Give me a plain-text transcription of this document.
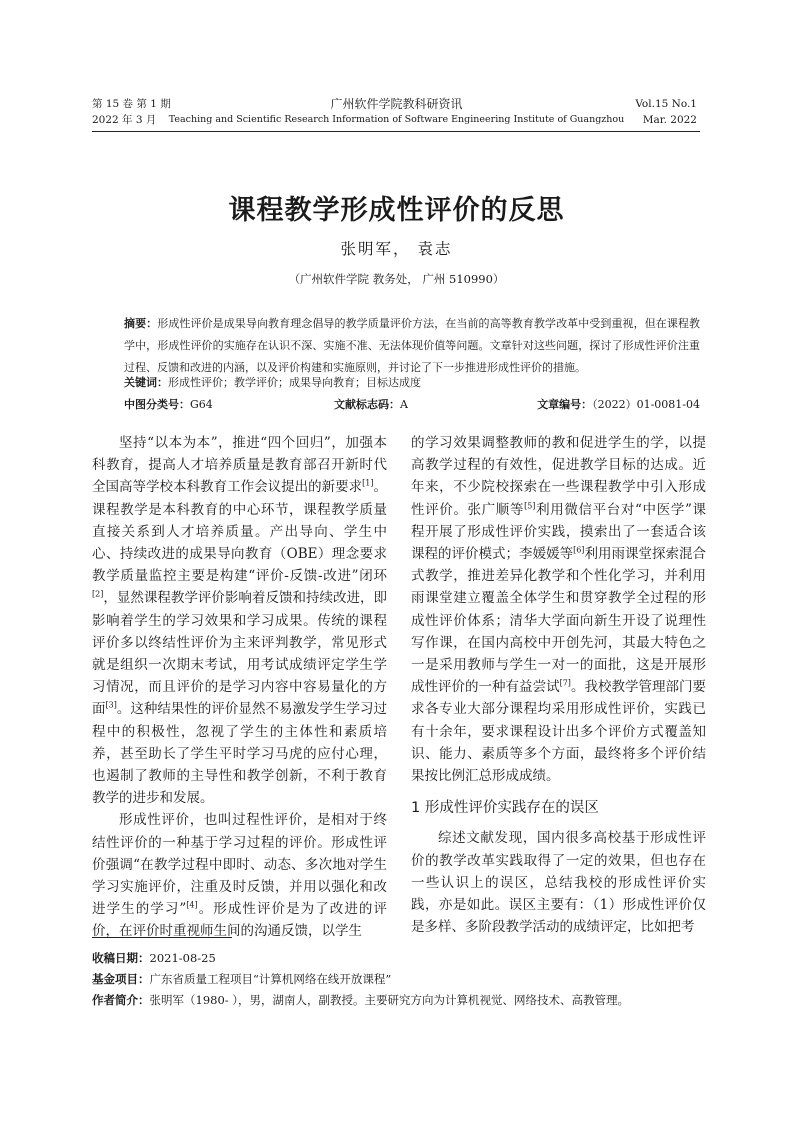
第 15 卷 第 1 期
2022 年 3 月
广州软件学院教科研资讯
Teaching and Scientific Research Information of Software Engineering Institute of Guangzhou
Vol.15 No.1
Mar. 2022
课程教学形成性评价的反思
张明军， 袁志
（广州软件学院 教务处， 广州 510990）
摘要：形成性评价是成果导向教育理念倡导的教学质量评价方法，在当前的高等教育教学改革中受到重视，但在课程教学中，形成性评价的实施存在认识不深、实施不准、无法体现价值等问题。文章针对这些问题，探讨了形成性评价注重过程、反馈和改进的内涵，以及评价构建和实施原则，并讨论了下一步推进形成性评价的措施。
关键词：形成性评价；教学评价；成果导向教育；目标达成度
中图分类号：G64	文献标志码：A	文章编号：（2022）01-0081-04

坚持“以本为本”，推进“四个回归”，加强本科教育，提高人才培养质量是教育部召开新时代全国高等学校本科教育工作会议提出的新要求[1]。课程教学是本科教育的中心环节，课程教学质量直接关系到人才培养质量。产出导向、学生中心、持续改进的成果导向教育（OBE）理念要求教学质量监控主要是构建“评价-反馈-改进”闭环[2]，显然课程教学评价影响着反馈和持续改进，即影响着学生的学习效果和学习成果。传统的课程评价多以终结性评价为主来评判教学，常见形式就是组织一次期末考试，用考试成绩评定学生学习情况，而且评价的是学习内容中容易量化的方面[3]。这种结果性的评价显然不易激发学生学习过程中的积极性，忽视了学生的主体性和素质培养，甚至助长了学生平时学习马虎的应付心理，也遏制了教师的主导性和教学创新，不利于教育教学的进步和发展。

形成性评价，也叫过程性评价，是相对于终结性评价的一种基于学习过程的评价。形成性评价强调“在教学过程中即时、动态、多次地对学生学习实施评价，注重及时反馈，并用以强化和改进学生的学习”[4]。形成性评价是为了改进的评价，在评价时重视师生间的沟通反馈，以学生

的学习效果调整教师的教和促进学生的学，以提高教学过程的有效性，促进教学目标的达成。近年来，不少院校探索在一些课程教学中引入形成性评价。张广顺等[5]利用微信平台对“中医学”课程开展了形成性评价实践，摸索出了一套适合该课程的评价模式；李媛媛等[6]利用雨课堂探索混合式教学，推进差异化教学和个性化学习，并利用雨课堂建立覆盖全体学生和贯穿教学全过程的形成性评价体系；清华大学面向新生开设了说理性写作课，在国内高校中开创先河，其最大特色之一是采用教师与学生一对一的面批，这是开展形成性评价的一种有益尝试[7]。我校教学管理部门要求各专业大部分课程均采用形成性评价，实践已有十余年，要求课程设计出多个评价方式覆盖知识、能力、素质等多个方面，最终将多个评价结果按比例汇总形成成绩。

1 形成性评价实践存在的误区

综述文献发现，国内很多高校基于形成性评价的教学改革实践取得了一定的效果，但也存在一些认识上的误区，总结我校的形成性评价实践，亦是如此。误区主要有：（1）形成性评价仅是多样、多阶段教学活动的成绩评定，比如把考

收稿日期：2021-08-25
基金项目：广东省质量工程项目“计算机网络在线开放课程”
作者简介：张明军（1980- ），男，湖南人，副教授。主要研究方向为计算机视觉、网络技术、高教管理。
